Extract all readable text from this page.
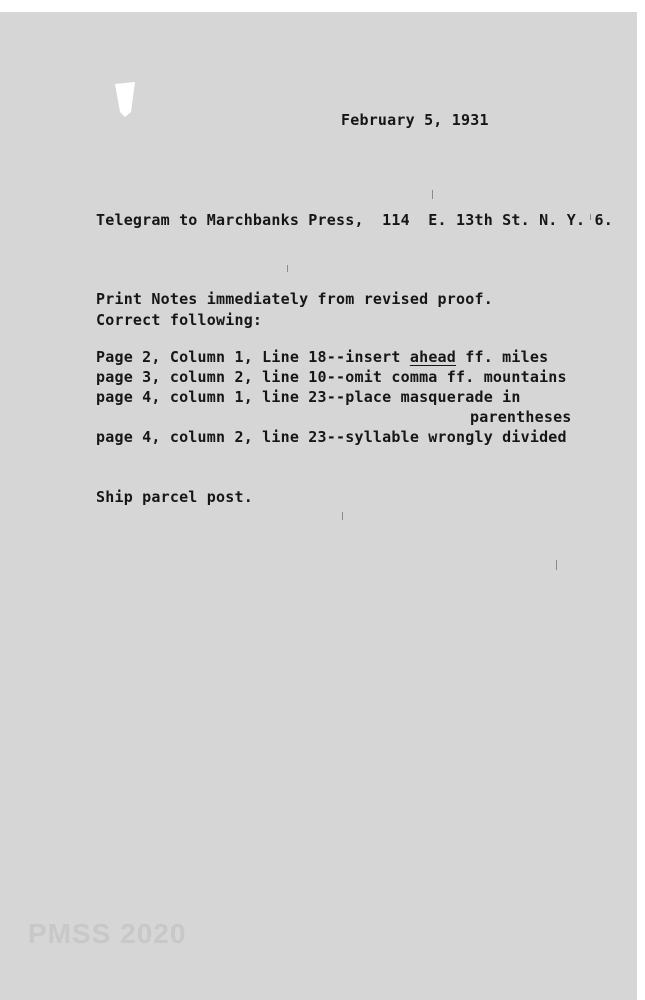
February 5, 1931
Telegram to Marchbanks Press,  114  E. 13th St. N. Y. 6.
Print Notes immediately from revised proof.
Correct following:
Page 2, Column 1, Line 18--insert ahead ff. miles
page 3, column 2, line 10--omit comma ff. mountains
page 4, column 1, line 23--place masquerade in
parentheses
page 4, column 2, line 23--syllable wrongly divided
Ship parcel post.
PMSS 2020
